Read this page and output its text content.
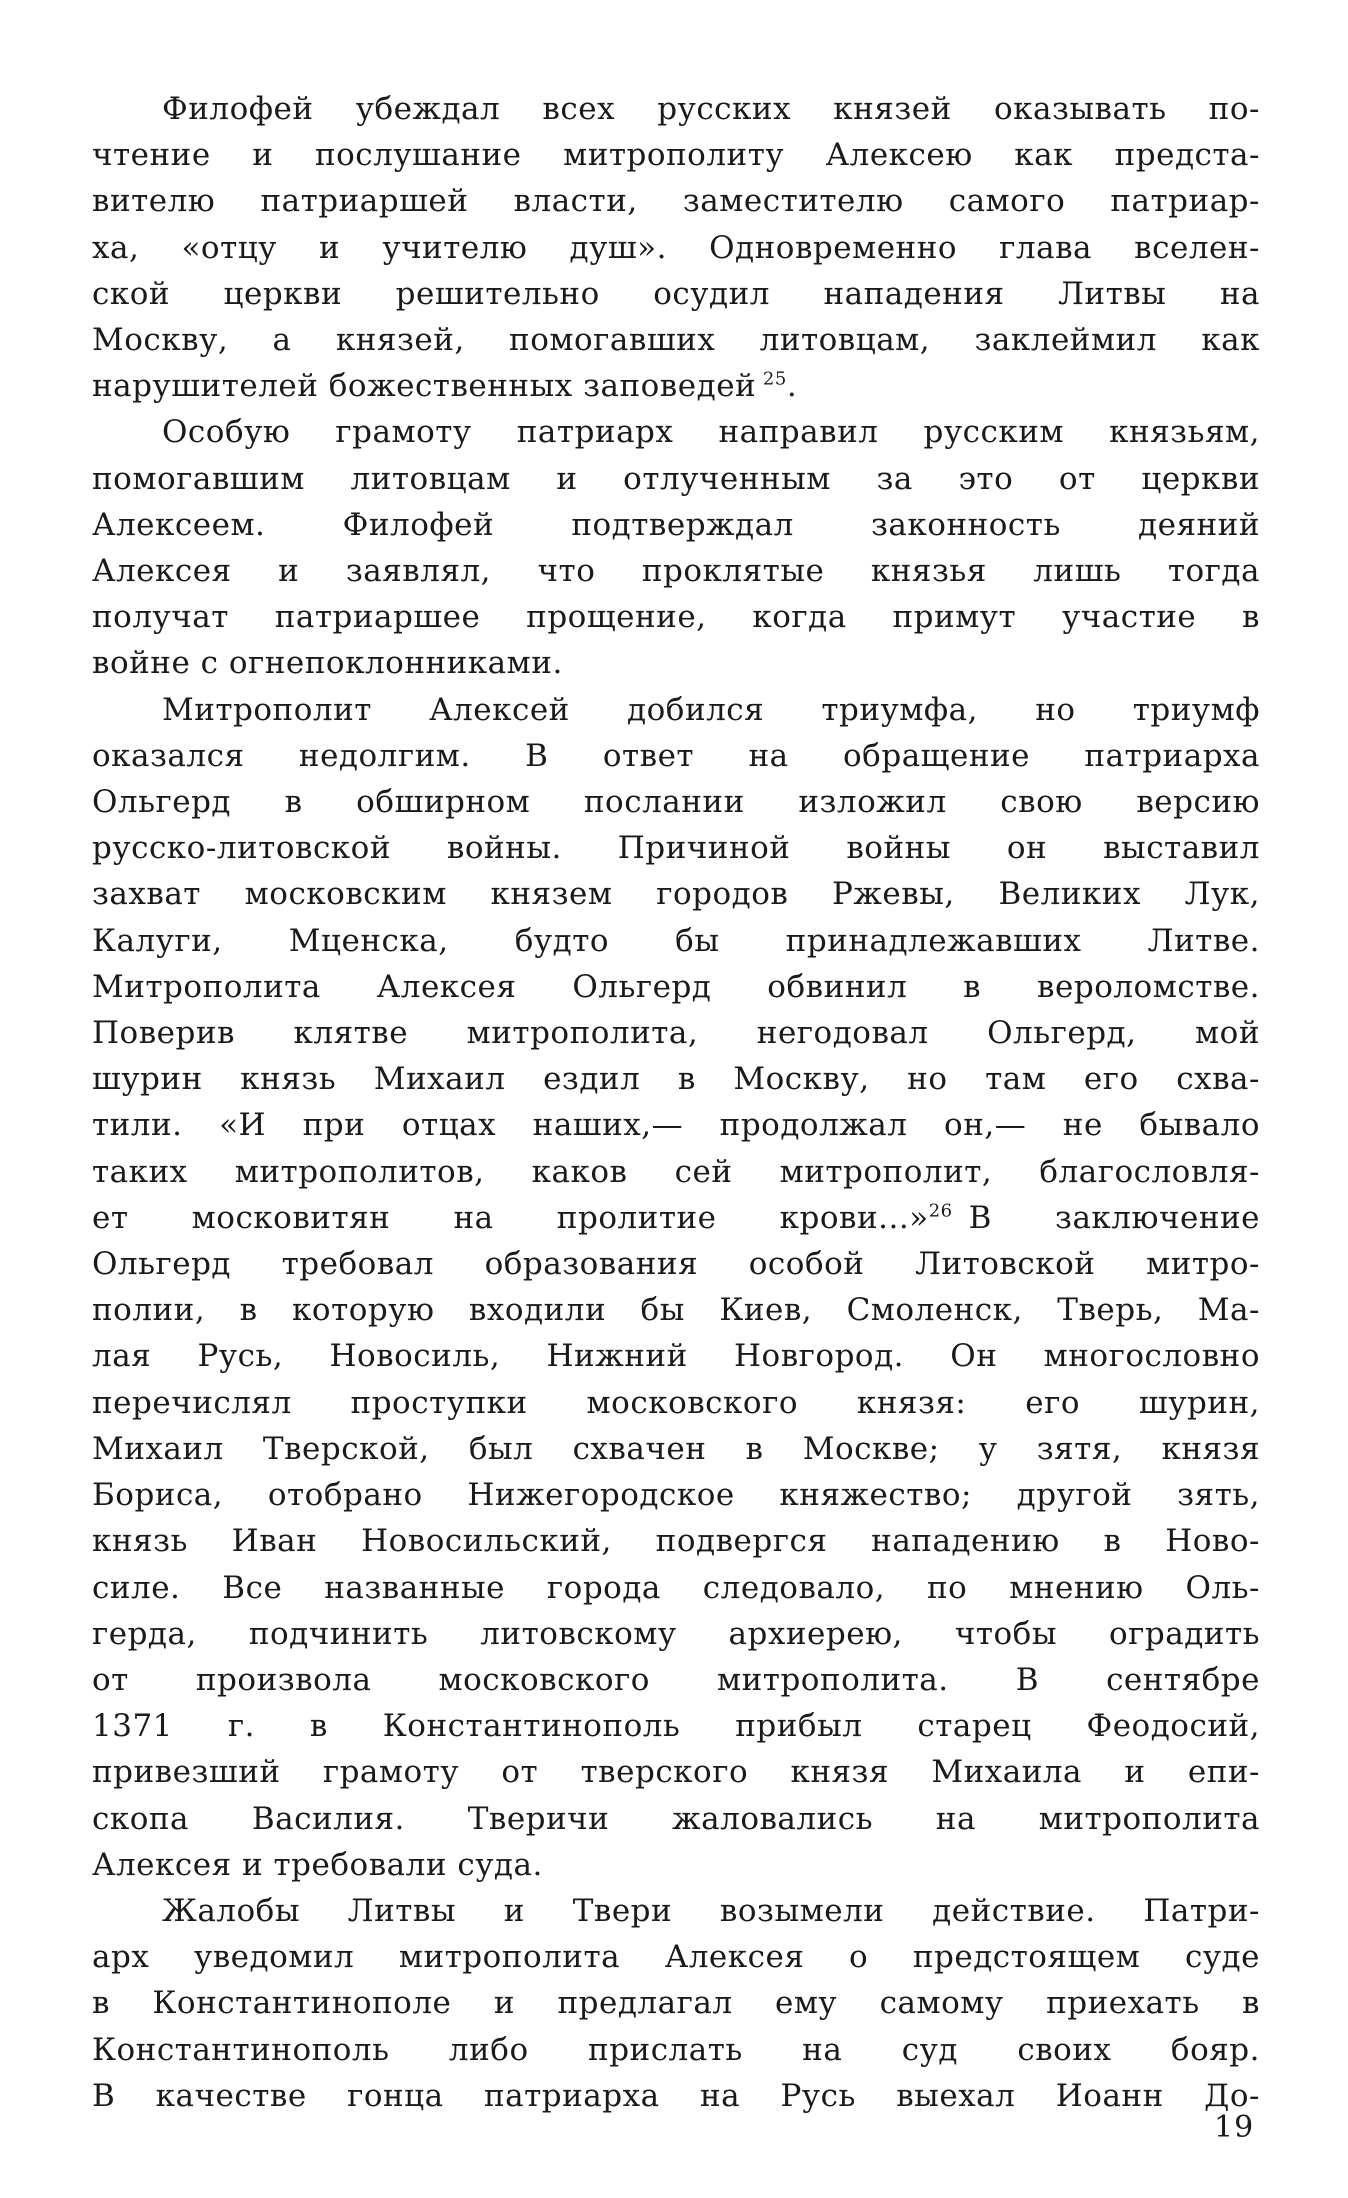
Филофей убеждал всех русских князей оказывать по-
чтение и послушание митрополиту Алексею как предста-
вителю патриаршей власти, заместителю самого патриар-
ха, «отцу и учителю душ». Одновременно глава вселен-
ской церкви решительно осудил нападения Литвы на
Москву, а князей, помогавших литовцам, заклеймил как
нарушителей божественных заповедей  $^{25}$.

Особую грамоту патриарх направил русским князьям,
помогавшим литовцам и отлученным за это от церкви
Алексеем. Филофей подтверждал законность деяний
Алексея и заявлял, что проклятые князья лишь тогда
получат патриаршее прощение, когда примут участие в
войне с огнепоклонниками.

Митрополит Алексей добился триумфа, но триумф
оказался недолгим. В ответ на обращение патриарха
Ольгерд в обширном послании изложил свою версию
русско-литовской войны. Причиной войны он выставил
захват московским князем городов Ржевы, Великих Лук,
Калуги, Мценска, будто бы принадлежавших Литве.
Митрополита Алексея Ольгерд обвинил в вероломстве.
Поверив клятве митрополита, негодовал Ольгерд, мой
шурин князь Михаил ездил в Москву, но там его схва-
тили. «И при отцах наших,— продолжал он,— не бывало
таких митрополитов, каков сей митрополит, благословля-
ет московитян на пролитие крови...»$^{26}$  В заключение
Ольгерд требовал образования особой Литовской митро-
полии, в которую входили бы Киев, Смоленск, Тверь, Ма-
лая Русь, Новосиль, Нижний Новгород. Он многословно
перечислял проступки московского князя: его шурин,
Михаил Тверской, был схвачен в Москве; у зятя, князя
Бориса, отобрано Нижегородское княжество; другой зять,
князь Иван Новосильский, подвергся нападению в Ново-
силе. Все названные города следовало, по мнению Оль-
герда, подчинить литовскому архиерею, чтобы оградить
от произвола московского митрополита. В сентябре
1371 г. в Константинополь прибыл старец Феодосий,
привезший грамоту от тверского князя Михаила и епи-
скопа Василия. Тверичи жаловались на митрополита
Алексея и требовали суда.

Жалобы Литвы и Твери возымели действие. Патри-
арх уведомил митрополита Алексея о предстоящем суде
в Константинополе и предлагал ему самому приехать в
Константинополь либо прислать на суд своих бояр.
В качестве гонца патриарха на Русь выехал Иоанн До-

19
